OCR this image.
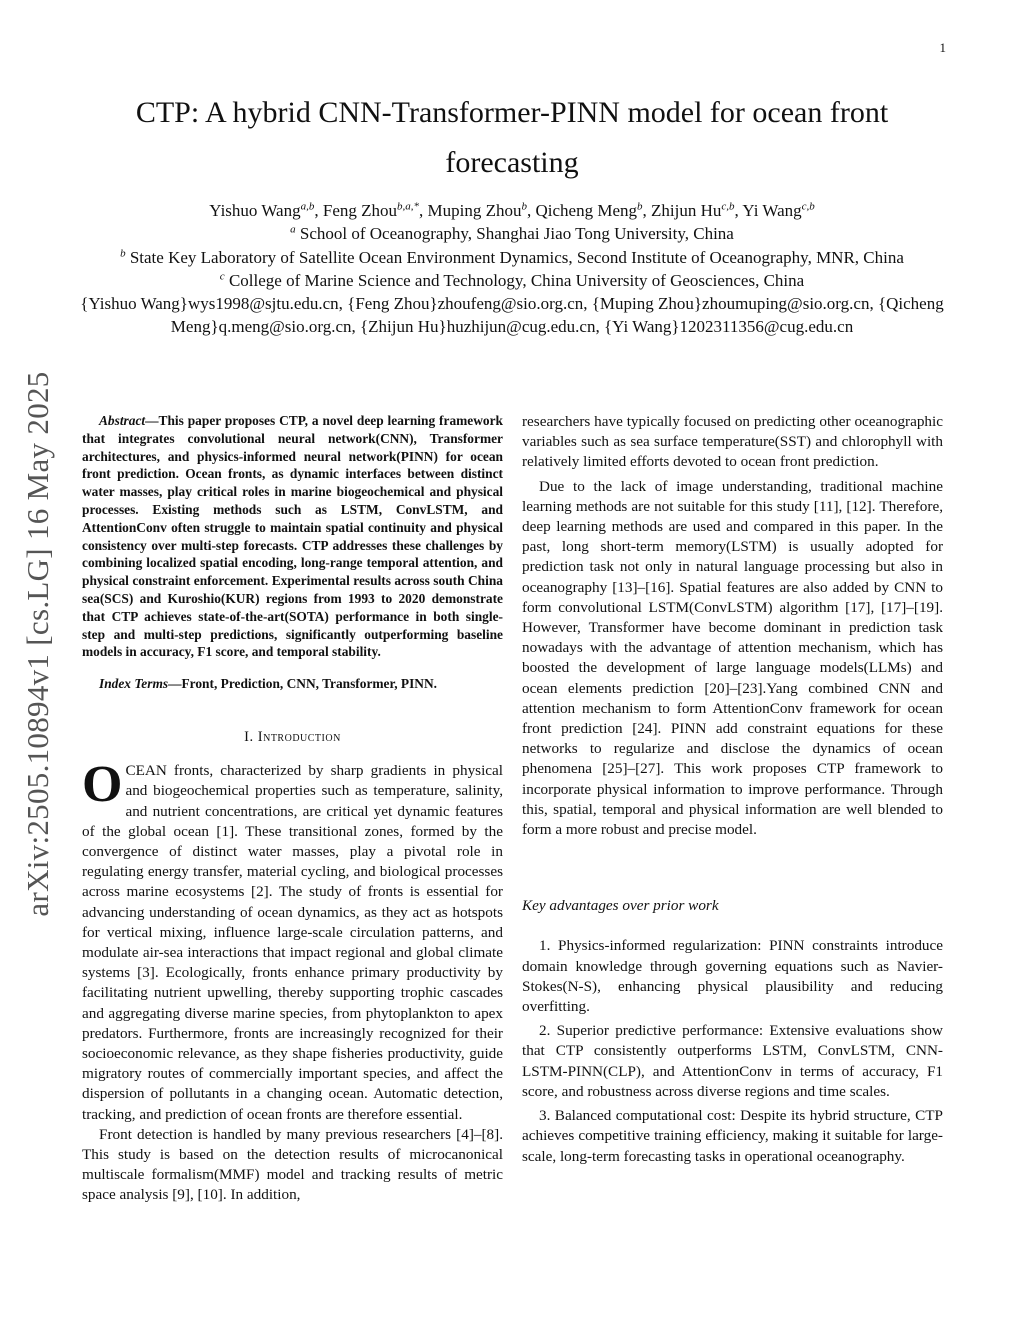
1
arXiv:2505.10894v1 [cs.LG] 16 May 2025
CTP: A hybrid CNN-Transformer-PINN model for ocean front forecasting
Yishuo Wang$^{a,b}$, Feng Zhou$^{b,a,*}$, Muping Zhou$^b$, Qicheng Meng$^b$, Zhijun Hu$^{c,b}$, Yi Wang$^{c,b}$
$^a$ School of Oceanography, Shanghai Jiao Tong University, China
$^b$ State Key Laboratory of Satellite Ocean Environment Dynamics, Second Institute of Oceanography, MNR, China
$^c$ College of Marine Science and Technology, China University of Geosciences, China
{Yishuo Wang}wys1998@sjtu.edu.cn, {Feng Zhou}zhoufeng@sio.org.cn, {Muping Zhou}zhoumuping@sio.org.cn, {Qicheng Meng}q.meng@sio.org.cn, {Zhijun Hu}huzhijun@cug.edu.cn, {Yi Wang}1202311356@cug.edu.cn

Abstract—This paper proposes CTP, a novel deep learning framework that integrates convolutional neural network(CNN), Transformer architectures, and physics-informed neural network(PINN) for ocean front prediction. Ocean fronts, as dynamic interfaces between distinct water masses, play critical roles in marine biogeochemical and physical processes. Existing methods such as LSTM, ConvLSTM, and AttentionConv often struggle to maintain spatial continuity and physical consistency over multi-step forecasts. CTP addresses these challenges by combining localized spatial encoding, long-range temporal attention, and physical constraint enforcement. Experimental results across south China sea(SCS) and Kuroshio(KUR) regions from 1993 to 2020 demonstrate that CTP achieves state-of-the-art(SOTA) performance in both single-step and multi-step predictions, significantly outperforming baseline models in accuracy, F1 score, and temporal stability.

Index Terms—Front, Prediction, CNN, Transformer, PINN.

I. Introduction

OCEAN fronts, characterized by sharp gradients in physical and biogeochemical properties such as temperature, salinity, and nutrient concentrations, are critical yet dynamic features of the global ocean [1]. These transitional zones, formed by the convergence of distinct water masses, play a pivotal role in regulating energy transfer, material cycling, and biological processes across marine ecosystems [2]. The study of fronts is essential for advancing understanding of ocean dynamics, as they act as hotspots for vertical mixing, influence large-scale circulation patterns, and modulate air-sea interactions that impact regional and global climate systems [3]. Ecologically, fronts enhance primary productivity by facilitating nutrient upwelling, thereby supporting trophic cascades and aggregating diverse marine species, from phytoplankton to apex predators. Furthermore, fronts are increasingly recognized for their socioeconomic relevance, as they shape fisheries productivity, guide migratory routes of commercially important species, and affect the dispersion of pollutants in a changing ocean. Automatic detection, tracking, and prediction of ocean fronts are therefore essential.

Front detection is handled by many previous researchers [4]–[8]. This study is based on the detection results of microcanonical multiscale formalism(MMF) model and tracking results of metric space analysis [9], [10]. In addition,

researchers have typically focused on predicting other oceanographic variables such as sea surface temperature(SST) and chlorophyll with relatively limited efforts devoted to ocean front prediction.

Due to the lack of image understanding, traditional machine learning methods are not suitable for this study [11], [12]. Therefore, deep learning methods are used and compared in this paper. In the past, long short-term memory(LSTM) is usually adopted for prediction task not only in natural language processing but also in oceanography [13]–[16]. Spatial features are also added by CNN to form convolutional LSTM(ConvLSTM) algorithm [17], [17]–[19]. However, Transformer have become dominant in prediction task nowadays with the advantage of attention mechanism, which has boosted the development of large language models(LLMs) and ocean elements prediction [20]–[23].Yang combined CNN and attention mechanism to form AttentionConv framework for ocean front prediction [24]. PINN add constraint equations for these networks to regularize and disclose the dynamics of ocean phenomena [25]–[27]. This work proposes CTP framework to incorporate physical information to improve performance. Through this, spatial, temporal and physical information are well blended to form a more robust and precise model.

Key advantages over prior work

1. Physics-informed regularization: PINN constraints introduce domain knowledge through governing equations such as Navier-Stokes(N-S), enhancing physical plausibility and reducing overfitting.

2. Superior predictive performance: Extensive evaluations show that CTP consistently outperforms LSTM, ConvLSTM, CNN-LSTM-PINN(CLP), and AttentionConv in terms of accuracy, F1 score, and robustness across diverse regions and time scales.

3. Balanced computational cost: Despite its hybrid structure, CTP achieves competitive training efficiency, making it suitable for large-scale, long-term forecasting tasks in operational oceanography.
